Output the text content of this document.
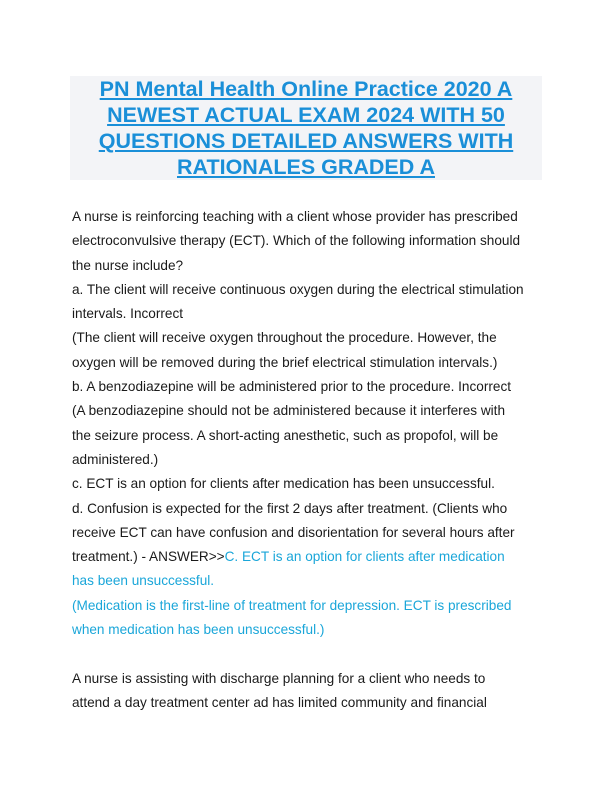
PN Mental Health Online Practice 2020 A
NEWEST ACTUAL EXAM 2024 WITH 50
QUESTIONS DETAILED ANSWERS WITH
RATIONALES GRADED A
A nurse is reinforcing teaching with a client whose provider has prescribed
electroconvulsive therapy (ECT). Which of the following information should
the nurse include?
a. The client will receive continuous oxygen during the electrical stimulation
intervals. Incorrect
(The client will receive oxygen throughout the procedure. However, the
oxygen will be removed during the brief electrical stimulation intervals.)
b. A benzodiazepine will be administered prior to the procedure. Incorrect
(A benzodiazepine should not be administered because it interferes with
the seizure process. A short-acting anesthetic, such as propofol, will be
administered.)
c. ECT is an option for clients after medication has been unsuccessful.
d. Confusion is expected for the first 2 days after treatment. (Clients who
receive ECT can have confusion and disorientation for several hours after
treatment.) - ANSWER>>C. ECT is an option for clients after medication
has been unsuccessful.
(Medication is the first-line of treatment for depression. ECT is prescribed
when medication has been unsuccessful.)
A nurse is assisting with discharge planning for a client who needs to
attend a day treatment center ad has limited community and financial
